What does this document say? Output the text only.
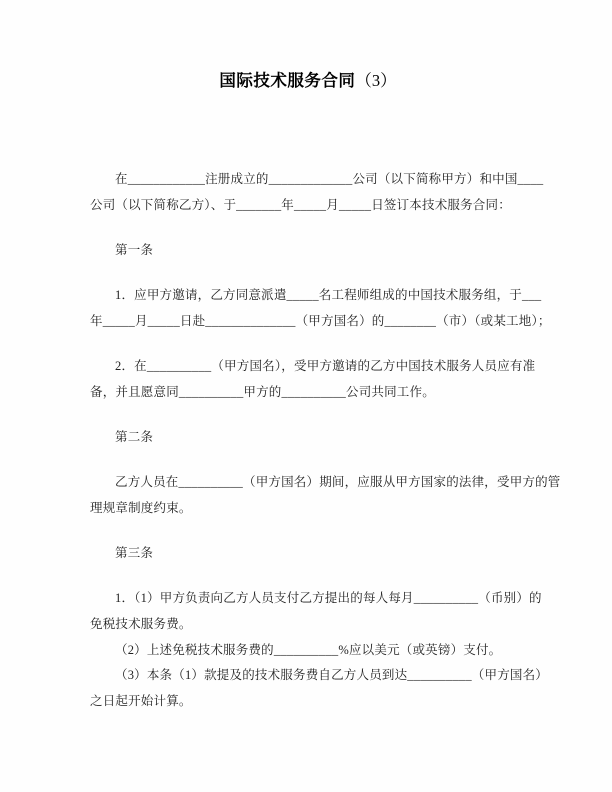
国际技术服务合同（3）
在____________注册成立的_____________公司（以下简称甲方）和中国____
公司（以下简称乙方）、于_______年_____月_____日签订本技术服务合同：
第一条
1．应甲方邀请，乙方同意派遣_____名工程师组成的中国技术服务组，于___
年_____月_____日赴______________（甲方国名）的________（市）（或某工地）；
2．在__________（甲方国名），受甲方邀请的乙方中国技术服务人员应有准
备，并且愿意同__________甲方的__________公司共同工作。
第二条
乙方人员在__________（甲方国名）期间，应服从甲方国家的法律，受甲方的管
理规章制度约束。
第三条
1．（1）甲方负责向乙方人员支付乙方提出的每人每月__________（币别）的
免税技术服务费。
（2）上述免税技术服务费的__________%应以美元（或英镑）支付。
（3）本条（1）款提及的技术服务费自乙方人员到达__________（甲方国名）
之日起开始计算。
